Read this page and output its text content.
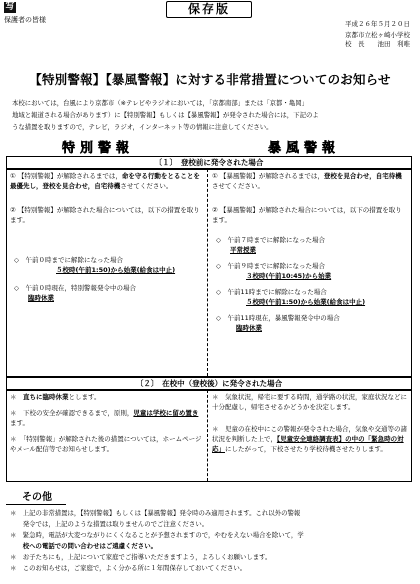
写
保護者の皆様
保存版
平成２６年５月２０日
京都市立松ヶ崎小学校
校　長　　池田　利唯
【特別警報】【暴風警報】に対する非常措置についてのお知らせ
本校においては，台風により京都市（※テレビやラジオにおいては，「京都南部」または「京都・亀岡」
地域と報道される場合があります）に【特別警報】もしくは【暴風警報】が発令された場合には，下記のよ
うな措置を取りますので，テレビ，ラジオ，インターネット等の情報に注意してください。
特別警報	暴風警報
〔１〕　登校前に発令された場合
① 【特別警報】が解除されるまでは，命を守る行動をとることを最優先し，登校を見合わせ，自宅待機させてください。
② 【特別警報】が解除された場合については，以下の措置を取ります。
◇　 午前０時までに解除になった場合
５校時(午前1:50)から始業(給食は中止)
◇　 午前０時現在，特別警報発令中の場合
臨時休業
① 【暴風警報】が解除されるまでは，登校を見合わせ，自宅待機させてください。
② 【暴風警報】が解除された場合については，以下の措置を取ります。
◇　 午前７時までに解除になった場合
平常授業
◇　 午前９時までに解除になった場合
３校時(午前10:45)から始業
◇　 午前11時までに解除になった場合
５校時(午前1:50)から始業(給食は中止)
◇　 午前11時現在，暴風警報発令中の場合
臨時休業
〔２〕　在校中（登校後）に発令された場合
＊　 直ちに臨時休業とします。
＊　 下校の安全が確認できるまで，原則，児童は学校に留め置きます。
＊　 「特別警報」が解除された後の措置については，ホームページやメール配信等でお知らせします。
＊　 気象状況，帰宅に要する時間，通学路の状況，家庭状況などに十分配慮し，帰宅させるかどうかを決定します。
＊　 児童の在校中にこの警報が発令された場合，気象や交通等の諸状況を判断した上で，【児童安全連絡調査表】の中の「緊急時の対応」にしたがって，下校させたり学校待機させたりします。
その他
＊　上記の非常措置は，【特別警報】もしくは【暴風警報】発令時のみ適用されます。これ以外の警報
　　発令では，上記のような措置は取りませんのでご注意ください。
＊　緊急時，電話が大変つながりにくくなることが予想されますので，やむをえない場合を除いて，学
　　校への電話での問い合わせはご遠慮ください。
＊　お子たちにも，上記について家庭でご指導いただきますよう，よろしくお願いします。
＊　このお知らせは，ご家庭で，よく分かる所に１年間保存しておいてください。
